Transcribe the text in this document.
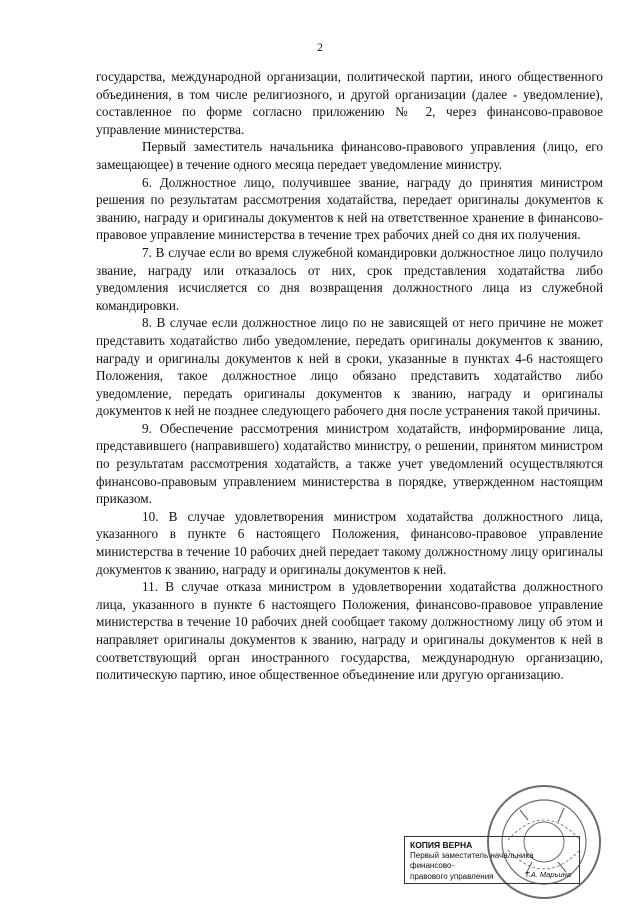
2

государства, международной организации, политической партии, иного общественного объединения, в том числе религиозного, и другой организации (далее - уведомление), составленное по форме согласно приложению № 2, через финансово-правовое управление министерства.

Первый заместитель начальника финансово-правового управления (лицо, его замещающее) в течение одного месяца передает уведомление министру.

6. Должностное лицо, получившее звание, награду до принятия министром решения по результатам рассмотрения ходатайства, передает оригиналы документов к званию, награду и оригиналы документов к ней на ответственное хранение в финансово-правовое управление министерства в течение трех рабочих дней со дня их получения.

7. В случае если во время служебной командировки должностное лицо получило звание, награду или отказалось от них, срок представления ходатайства либо уведомления исчисляется со дня возвращения должностного лица из служебной командировки.

8. В случае если должностное лицо по не зависящей от него причине не может представить ходатайство либо уведомление, передать оригиналы документов к званию, награду и оригиналы документов к ней в сроки, указанные в пунктах 4-6 настоящего Положения, такое должностное лицо обязано представить ходатайство либо уведомление, передать оригиналы документов к званию, награду и оригиналы документов к ней не позднее следующего рабочего дня после устранения такой причины.

9. Обеспечение рассмотрения министром ходатайств, информирование лица, представившего (направившего) ходатайство министру, о решении, принятом министром по результатам рассмотрения ходатайств, а также учет уведомлений осуществляются финансово-правовым управлением министерства в порядке, утвержденном настоящим приказом.

10. В случае удовлетворения министром ходатайства должностного лица, указанного в пункте 6 настоящего Положения, финансово-правовое управление министерства в течение 10 рабочих дней передает такому должностному лицу оригиналы документов к званию, награду и оригиналы документов к ней.

11. В случае отказа министром в удовлетворении ходатайства должностного лица, указанного в пункте 6 настоящего Положения, финансово-правовое управление министерства в течение 10 рабочих дней сообщает такому должностному лицу об этом и направляет оригиналы документов к званию, награду и оригиналы документов к ней в соответствующий орган иностранного государства, международную организацию, политическую партию, иное общественное объединение или другую организацию.

КОПИЯ ВЕРНА
Первый заместитель начальника финансово-
правового управления	Т.А. Марьина
